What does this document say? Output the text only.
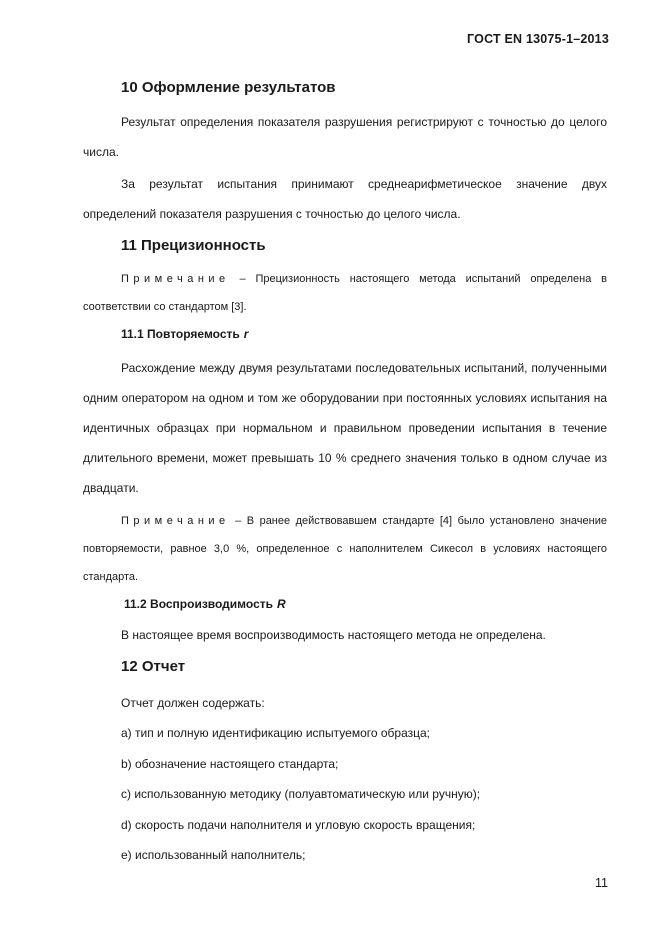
ГОСТ EN 13075-1–2013
10 Оформление результатов
Результат определения показателя разрушения регистрируют с точностью до целого числа.
За результат испытания принимают среднеарифметическое значение двух определений показателя разрушения с точностью до целого числа.
11 Прецизионность
Примечание – Прецизионность настоящего метода испытаний определена в соответствии со стандартом [3].
11.1 Повторяемость r
Расхождение между двумя результатами последовательных испытаний, полученными одним оператором на одном и том же оборудовании при постоянных условиях испытания на идентичных образцах при нормальном и правильном проведении испытания в течение длительного времени, может превышать 10 % среднего значения только в одном случае из двадцати.
Примечание – В ранее действовавшем стандарте [4] было установлено значение повторяемости, равное 3,0 %, определенное с наполнителем Сикесол в условиях настоящего стандарта.
11.2 Воспроизводимость R
В настоящее время воспроизводимость настоящего метода не определена.
12 Отчет
Отчет должен содержать:
a) тип и полную идентификацию испытуемого образца;
b) обозначение настоящего стандарта;
c) использованную методику (полуавтоматическую или ручную);
d) скорость подачи наполнителя и угловую скорость вращения;
e) использованный наполнитель;
11
